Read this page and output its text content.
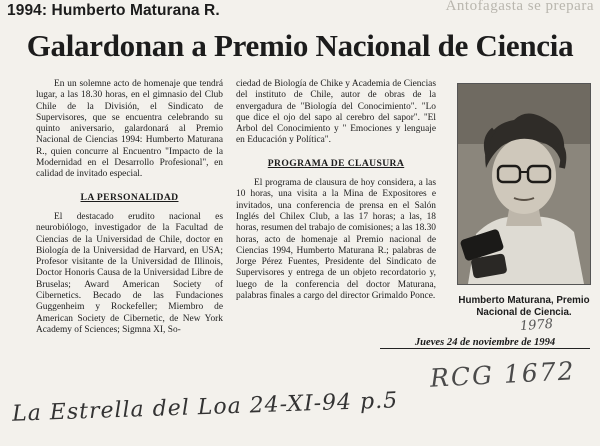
1994: Humberto Maturana R.	Antofagasta se prepara
Galardonan a Premio Nacional de Ciencia

En un solemne acto de homenaje que tendrá lugar, a las 18.30 horas, en el gimnasio del Club Chile de la División, el Sindicato de Supervisores, que se encuentra celebrando su quinto aniversario, galardonará al Premio Nacional de Ciencias 1994: Humberto Maturana R., quien concurre al Encuentro "Impacto de la Modernidad en el Desarrollo Profesional", en calidad de invitado especial.

LA PERSONALIDAD

El destacado erudito nacional es neurobiólogo, investigador de la Facultad de Ciencias de la Universidad de Chile, doctor en Biología de la Universidad de Harvard, en USA; Profesor visitante de la Universidad de Illinois, Doctor Honoris Causa de la Universidad Libre de Bruselas; Award American Society of Cibernetics. Becado de las Fundaciones Guggenheim y Rockefeller; Miembro de American Society de Cibernetic, de New York Academy of Sciences; Sigmna XI, So-

ciedad de Biología de Chike y Academia de Ciencias del instituto de Chile, autor de obras de la envergadura de "Biología del Conocimiento". "Lo que dice el ojo del sapo al cerebro del sapor". "El Arbol del Conocimiento y " Emociones y lenguaje en Educación y Política".

PROGRAMA DE CLAUSURA

El programa de clausura de hoy considera, a las 10 horas, una visita a la Mina de Expositores e invitados, una conferencia de prensa en el Salón Inglés del Chilex Club, a las 17 horas; a las, 18 horas, resumen del trabajo de comisiones; a las 18.30 horas, acto de homenaje al Premio nacional de Ciencias 1994, Humberto Maturana R.; palabras de Jorge Pérez Fuentes, Presidente del Sindicato de Supervisores y entrega de un objeto recordatorio y, luego de la conferencia del doctor Maturana, palabras finales a cargo del director Grimaldo Ponce.	Humberto Maturana, Premio Nacional de Ciencia.
1978
Jueves 24 de noviembre de 1994
RCG 1672
La Estrella del Loa 24-XI-94 p.5
